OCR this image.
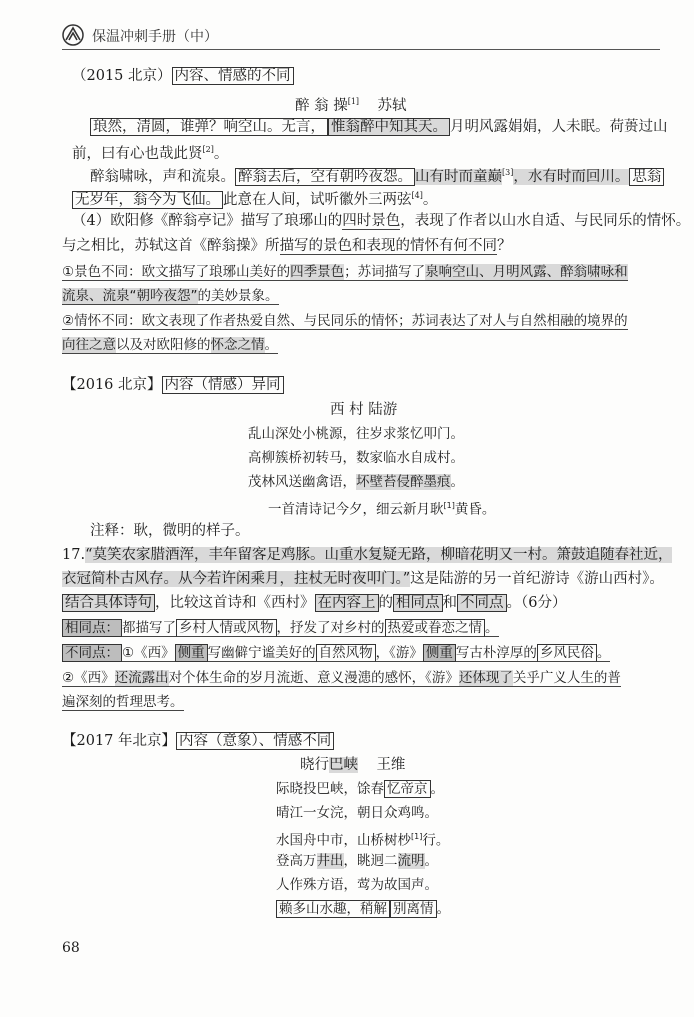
保温冲刺手册（中）
（2015 北京） 内容、情感的不同
醉 翁 操[1] 苏轼
琅然，清圆，谁弹？响空山。无言， 惟翁醉中知其天。 月明风露娟娟，人未眠。荷蒉过山
前，曰有心也哉此贤[2]。
醉翁啸咏，声和流泉。 醉翁去后，空有朝吟夜怨。 山有时而童巅[3]，水有时而回川。 思翁
无岁年，翁今为飞仙。 此意在人间，试听徽外三两弦[4]。
（4）欧阳修《醉翁亭记》描写了琅琊山的四时景色，表现了作者以山水自适、与民同乐的情怀。
与之相比，苏轼这首《醉翁操》所描写的景色和表现的情怀有何不同？
①景色不同：欧文描写了琅琊山美好的四季景色；苏词描写了泉响空山、月明风露、醉翁啸咏和
流泉、流泉“朝吟夜怨”的美妙景象。
②情怀不同：欧文表现了作者热爱自然、与民同乐的情怀；苏词表达了对人与自然相融的境界的
向往之意以及对欧阳修的怀念之情。
【2016 北京】 内容（情感）异同
西 村 陆游
乱山深处小桃源，往岁求浆忆叩门。
高柳簇桥初转马，数家临水自成村。
茂林风送幽禽语，坏壁苔侵醉墨痕。
一首清诗记今夕，细云新月耿[1]黄昏。
注释：耿，微明的样子。
17.“莫笑农家腊酒浑，丰年留客足鸡豚。山重水复疑无路，柳暗花明又一村。箫鼓追随春社近，
衣冠简朴古风存。从今若许闲乘月，拄杖无时夜叩门。”这是陆游的另一首纪游诗《游山西村》。
结合具体诗句 ，比较这首诗和《西村》 在内容上 的 相同点 和 不同点 。（6分）
相同点： 都描写了 乡村人情或风物 ，抒发了对乡村的 热爱或眷恋之情 。
不同点： ①《西》 侧重 写幽僻宁谧美好的 自然风物 ，《游》 侧重 写古朴淳厚的 乡风民俗 。
②《西》还流露出对个体生命的岁月流逝、意义漫漶的感怀，《游》还体现了关乎广义人生的普
遍深刻的哲理思考。
【2017 年北京】 内容（意象）、情感不同
晓行巴峡 王维
际晓投巴峡，馀春 忆帝京 。
晴江一女浣，朝日众鸡鸣。
水国舟中市，山桥树杪[1]行。
登高万井出，眺迥二流明。
人作殊方语，莺为故国声。
赖多山水趣，稍解 别离情 。
68
